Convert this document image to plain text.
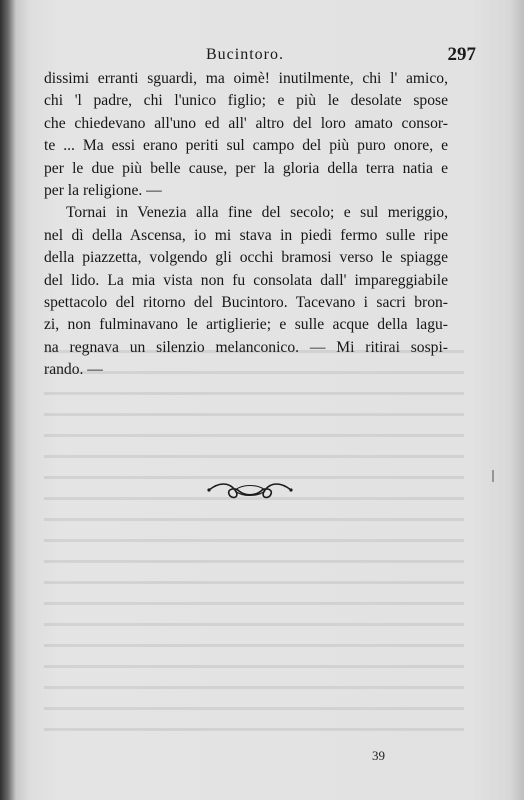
Bucintoro.	297
dissimi erranti sguardi, ma oimè! inutilmente, chi l' amico,
chi 'l padre, chi l'unico figlio; e più le desolate spose
che chiedevano all'uno ed all' altro del loro amato consor-
te ... Ma essi erano periti sul campo del più puro onore, e
per le due più belle cause, per la gloria della terra natia e
per la religione. —
Tornai in Venezia alla fine del secolo; e sul meriggio,
nel dì della Ascensa, io mi stava in piedi fermo sulle ripe
della piazzetta, volgendo gli occhi bramosi verso le spiagge
del lido. La mia vista non fu consolata dall' impareggiabile
spettacolo del ritorno del Bucintoro. Tacevano i sacri bron-
zi, non fulminavano le artiglierie; e sulle acque della lagu-
na regnava un silenzio melanconico. — Mi ritirai sospi-
rando. —
39
